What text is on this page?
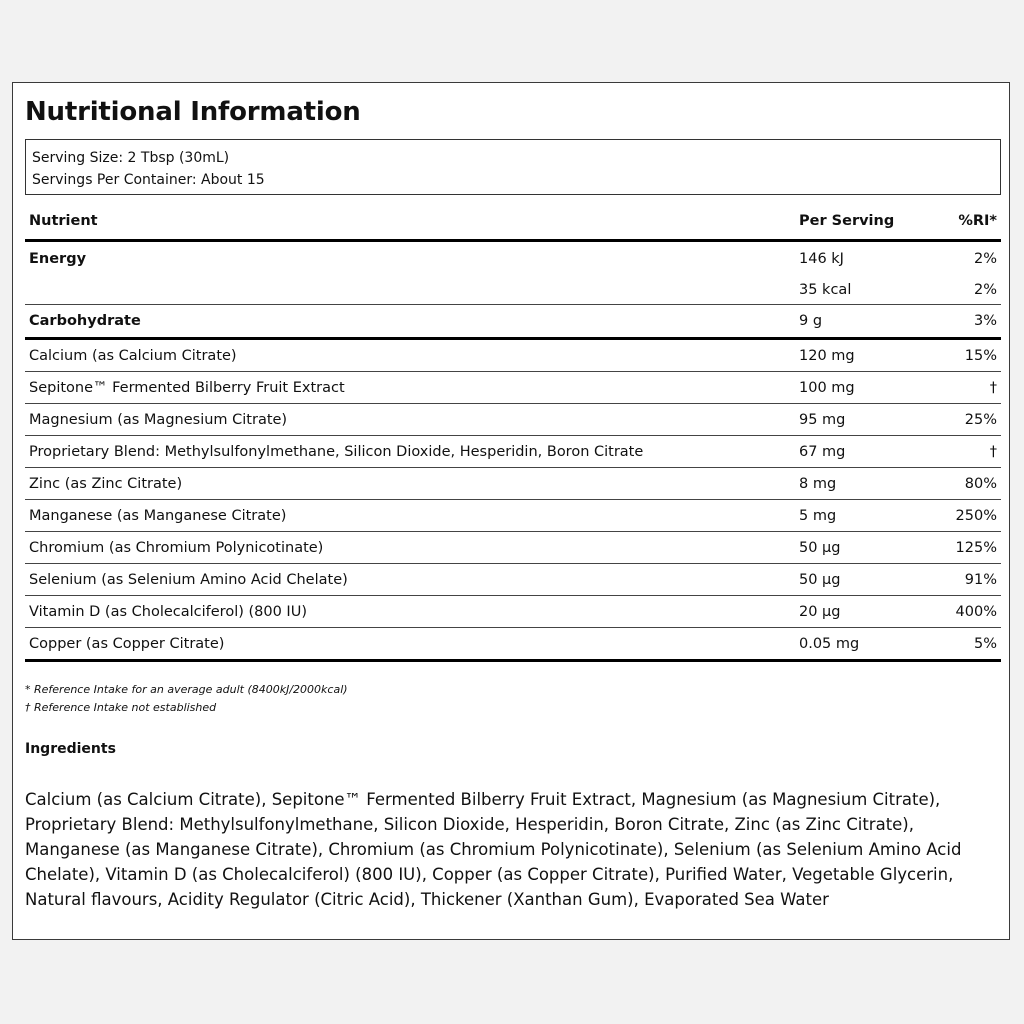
Nutritional Information
Serving Size: 2 Tbsp (30mL)
Servings Per Container: About 15
Nutrient	Per Serving	%RI*
Energy	146 kJ	2%
	35 kcal	2%
Carbohydrate	9 g	3%
Calcium (as Calcium Citrate)	120 mg	15%
Sepitone™ Fermented Bilberry Fruit Extract	100 mg	†
Magnesium (as Magnesium Citrate)	95 mg	25%
Proprietary Blend: Methylsulfonylmethane, Silicon Dioxide, Hesperidin, Boron Citrate	67 mg	†
Zinc (as Zinc Citrate)	8 mg	80%
Manganese (as Manganese Citrate)	5 mg	250%
Chromium (as Chromium Polynicotinate)	50 µg	125%
Selenium (as Selenium Amino Acid Chelate)	50 µg	91%
Vitamin D (as Cholecalciferol) (800 IU)	20 µg	400%
Copper (as Copper Citrate)	0.05 mg	5%
* Reference Intake for an average adult (8400kJ/2000kcal)
† Reference Intake not established
Ingredients
Calcium (as Calcium Citrate), Sepitone™ Fermented Bilberry Fruit Extract, Magnesium (as Magnesium Citrate), Proprietary Blend: Methylsulfonylmethane, Silicon Dioxide, Hesperidin, Boron Citrate, Zinc (as Zinc Citrate), Manganese (as Manganese Citrate), Chromium (as Chromium Polynicotinate), Selenium (as Selenium Amino Acid Chelate), Vitamin D (as Cholecalciferol) (800 IU), Copper (as Copper Citrate), Purified Water, Vegetable Glycerin, Natural flavours, Acidity Regulator (Citric Acid), Thickener (Xanthan Gum), Evaporated Sea Water
